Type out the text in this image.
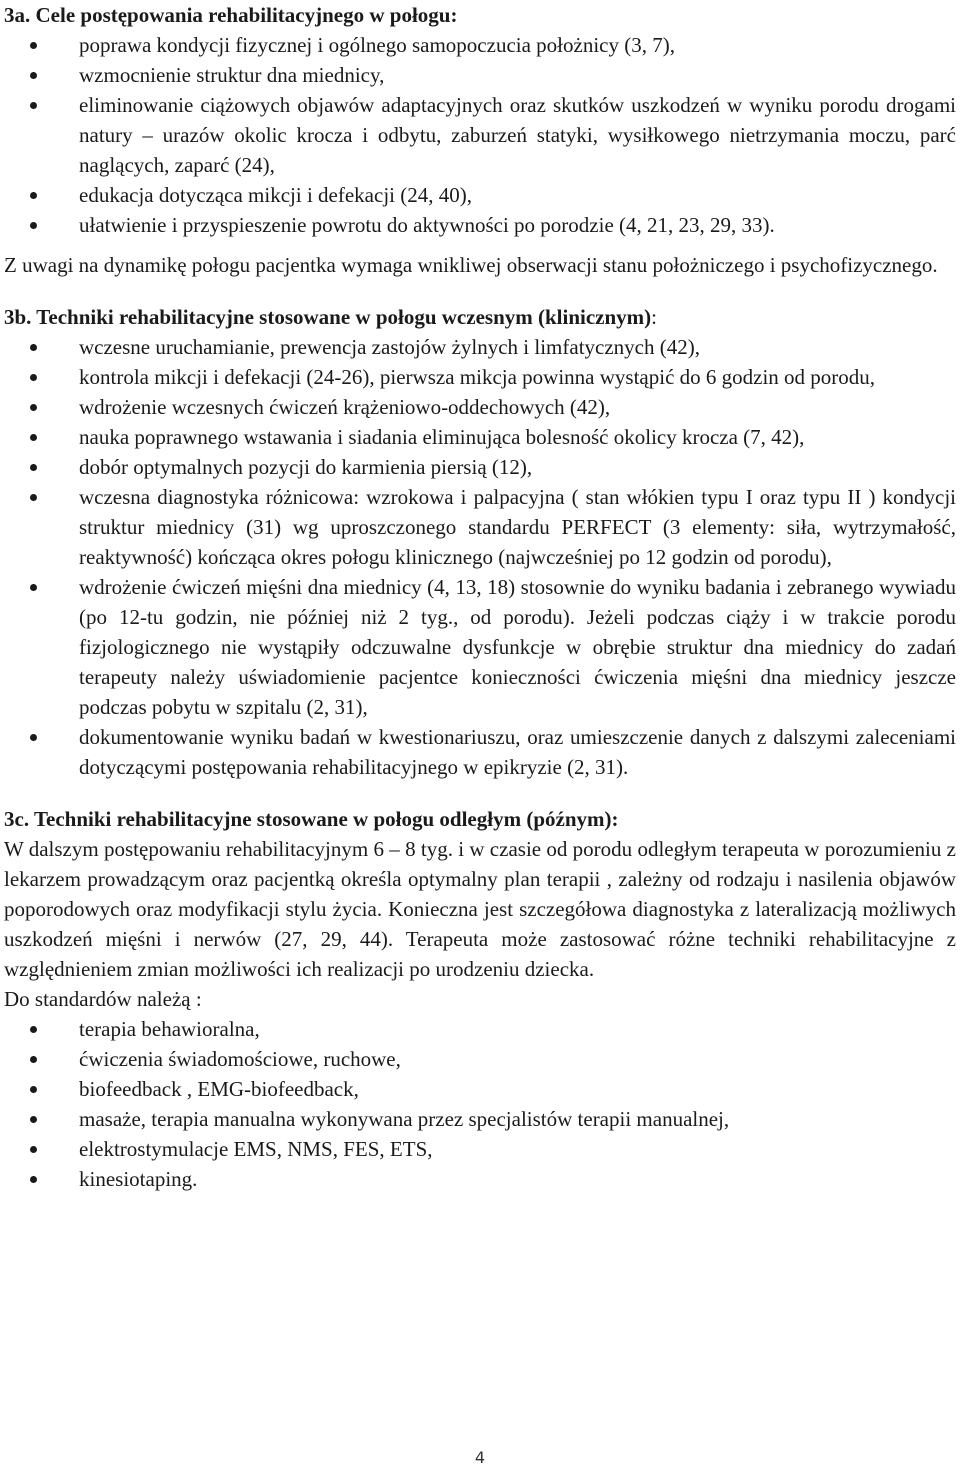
3a. Cele postępowania rehabilitacyjnego w połogu:
poprawa kondycji fizycznej i ogólnego samopoczucia położnicy (3, 7),
wzmocnienie struktur dna miednicy,
eliminowanie ciążowych objawów adaptacyjnych oraz skutków uszkodzeń w wyniku porodu drogami natury – urazów okolic krocza i odbytu, zaburzeń statyki, wysiłkowego nietrzymania moczu, parć naglących, zaparć (24),
edukacja dotycząca mikcji i defekacji (24, 40),
ułatwienie i przyspieszenie powrotu do aktywności po porodzie (4, 21, 23, 29, 33).

Z uwagi na dynamikę połogu pacjentka wymaga wnikliwej obserwacji stanu położniczego i psychofizycznego.

3b. Techniki rehabilitacyjne stosowane w połogu wczesnym (klinicznym):
wczesne uruchamianie, prewencja zastojów żylnych i limfatycznych (42),
kontrola mikcji i defekacji (24-26), pierwsza mikcja powinna wystąpić do 6 godzin od porodu,
wdrożenie wczesnych ćwiczeń krążeniowo-oddechowych (42),
nauka poprawnego wstawania i siadania eliminująca bolesność okolicy krocza (7, 42),
dobór optymalnych pozycji do karmienia piersią (12),
wczesna diagnostyka różnicowa: wzrokowa i palpacyjna ( stan włókien typu I oraz typu II ) kondycji struktur miednicy (31) wg uproszczonego standardu PERFECT (3 elementy: siła, wytrzymałość, reaktywność) kończąca okres połogu klinicznego (najwcześniej po 12 godzin od porodu),
wdrożenie ćwiczeń mięśni dna miednicy (4, 13, 18) stosownie do wyniku badania i zebranego wywiadu (po 12-tu godzin, nie później niż 2 tyg., od porodu). Jeżeli podczas ciąży i w trakcie porodu fizjologicznego nie wystąpiły odczuwalne dysfunkcje w obrębie struktur dna miednicy do zadań terapeuty należy uświadomienie pacjentce konieczności ćwiczenia mięśni dna miednicy jeszcze podczas pobytu w szpitalu (2, 31),
dokumentowanie wyniku badań w kwestionariuszu, oraz umieszczenie danych z dalszymi zaleceniami dotyczącymi postępowania rehabilitacyjnego w epikryzie (2, 31).
3c. Techniki rehabilitacyjne stosowane w połogu odległym (późnym):

W dalszym postępowaniu rehabilitacyjnym 6 – 8 tyg. i w czasie od porodu odległym terapeuta w porozumieniu z lekarzem prowadzącym oraz pacjentką określa optymalny plan terapii , zależny od rodzaju i nasilenia objawów poporodowych oraz modyfikacji stylu życia. Konieczna jest szczegółowa diagnostyka z lateralizacją możliwych uszkodzeń mięśni i nerwów (27, 29, 44). Terapeuta może zastosować różne techniki rehabilitacyjne z względnieniem zmian możliwości ich realizacji po urodzeniu dziecka.

Do standardów należą :

terapia behawioralna,
ćwiczenia świadomościowe, ruchowe,
biofeedback , EMG-biofeedback,
masaże, terapia manualna wykonywana przez specjalistów terapii manualnej,
elektrostymulacje EMS, NMS, FES, ETS,
kinesiotaping.
4
